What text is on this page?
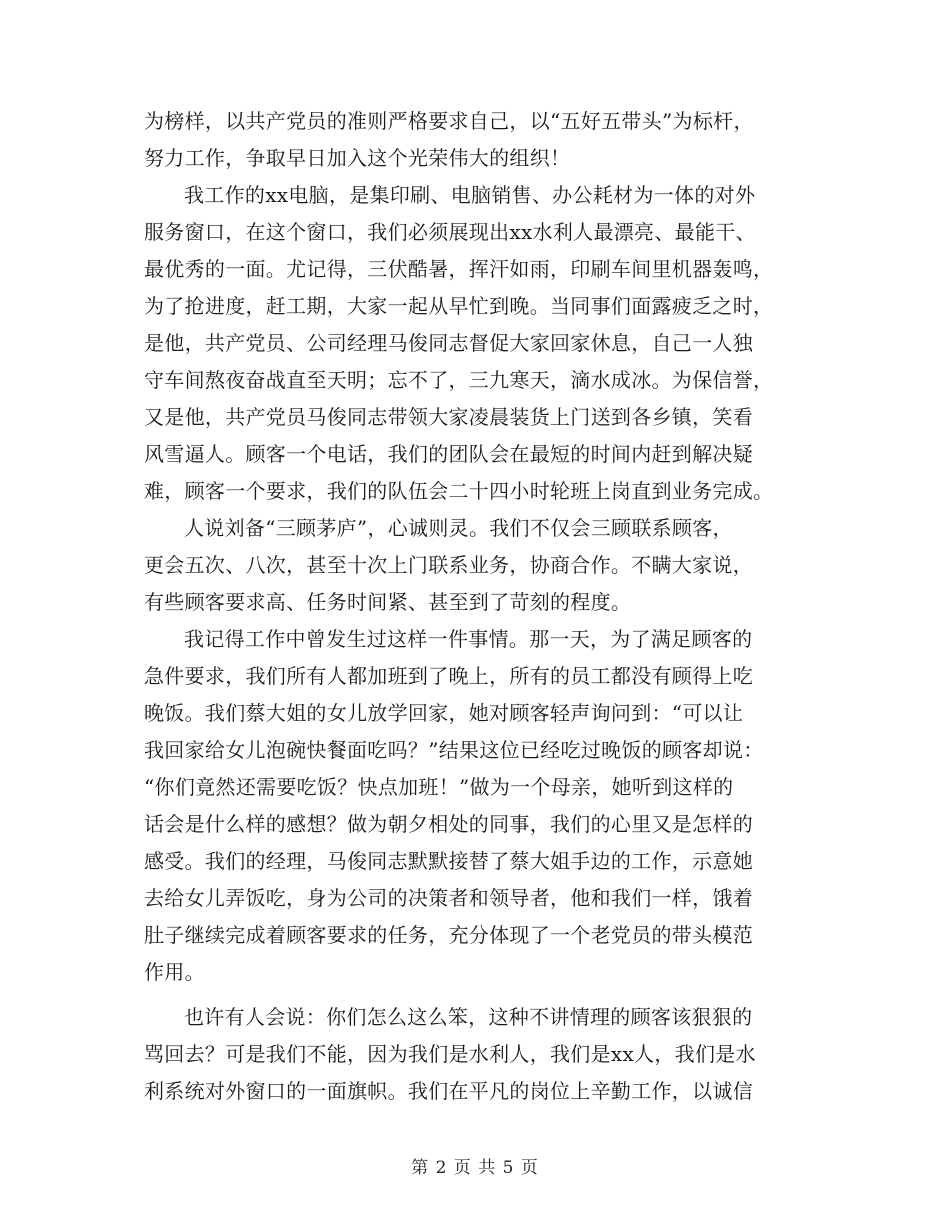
为榜样，以共产党员的准则严格要求自己，以“五好五带头”为标杆，
努力工作，争取早日加入这个光荣伟大的组织！

我工作的xx电脑，是集印刷、电脑销售、办公耗材为一体的对外
服务窗口，在这个窗口，我们必须展现出xx水利人最漂亮、最能干、
最优秀的一面。尤记得，三伏酷暑，挥汗如雨，印刷车间里机器轰鸣，
为了抢进度，赶工期，大家一起从早忙到晚。当同事们面露疲乏之时，
是他，共产党员、公司经理马俊同志督促大家回家休息，自己一人独
守车间熬夜奋战直至天明；忘不了，三九寒天，滴水成冰。为保信誉，
又是他，共产党员马俊同志带领大家凌晨装货上门送到各乡镇，笑看
风雪逼人。顾客一个电话，我们的团队会在最短的时间内赶到解决疑
难，顾客一个要求，我们的队伍会二十四小时轮班上岗直到业务完成。

人说刘备“三顾茅庐”，心诚则灵。我们不仅会三顾联系顾客，
更会五次、八次，甚至十次上门联系业务，协商合作。不瞒大家说，
有些顾客要求高、任务时间紧、甚至到了苛刻的程度。

我记得工作中曾发生过这样一件事情。那一天，为了满足顾客的
急件要求，我们所有人都加班到了晚上，所有的员工都没有顾得上吃
晚饭。我们蔡大姐的女儿放学回家，她对顾客轻声询问到：“可以让
我回家给女儿泡碗快餐面吃吗？”结果这位已经吃过晚饭的顾客却说：
“你们竟然还需要吃饭？快点加班！”做为一个母亲，她听到这样的
话会是什么样的感想？做为朝夕相处的同事，我们的心里又是怎样的
感受。我们的经理，马俊同志默默接替了蔡大姐手边的工作，示意她
去给女儿弄饭吃，身为公司的决策者和领导者，他和我们一样，饿着
肚子继续完成着顾客要求的任务，充分体现了一个老党员的带头模范
作用。

也许有人会说：你们怎么这么笨，这种不讲情理的顾客该狠狠的
骂回去？可是我们不能，因为我们是水利人，我们是xx人，我们是水
利系统对外窗口的一面旗帜。我们在平凡的岗位上辛勤工作，以诚信

第 2 页 共 5 页
